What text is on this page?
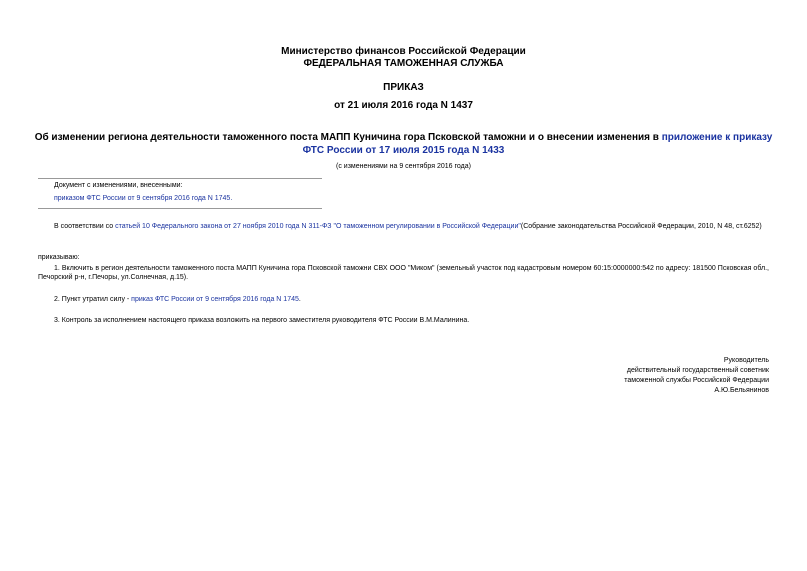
Министерство финансов Российской Федерации
ФЕДЕРАЛЬНАЯ ТАМОЖЕННАЯ СЛУЖБА
ПРИКАЗ
от 21 июля 2016 года N 1437
Об изменении региона деятельности таможенного поста МАПП Куничина гора Псковской таможни и о внесении изменения в приложение к приказу ФТС России от 17 июля 2015 года N 1433
(с изменениями на 9 сентября 2016 года)
Документ с изменениями, внесенными:
приказом ФТС России от 9 сентября 2016 года N 1745.
В соответствии со статьей 10 Федерального закона от 27 ноября 2010 года N 311-ФЗ "О таможенном регулировании в Российской Федерации"(Собрание законодательства Российской Федерации, 2010, N 48, ст.6252)
приказываю:
1. Включить в регион деятельности таможенного поста МАПП Куничина гора Псковской таможни СВХ ООО "Миком" (земельный участок под кадастровым номером 60:15:0000000:542 по адресу: 181500 Псковская обл., Печорский р-н, г.Печоры, ул.Солнечная, д.15).
2. Пункт утратил силу - приказ ФТС России от 9 сентября 2016 года N 1745.
3. Контроль за исполнением настоящего приказа возложить на первого заместителя руководителя ФТС России В.М.Малинина.
Руководитель
действительный государственный советник
таможенной службы Российской Федерации
А.Ю.Бельянинов
